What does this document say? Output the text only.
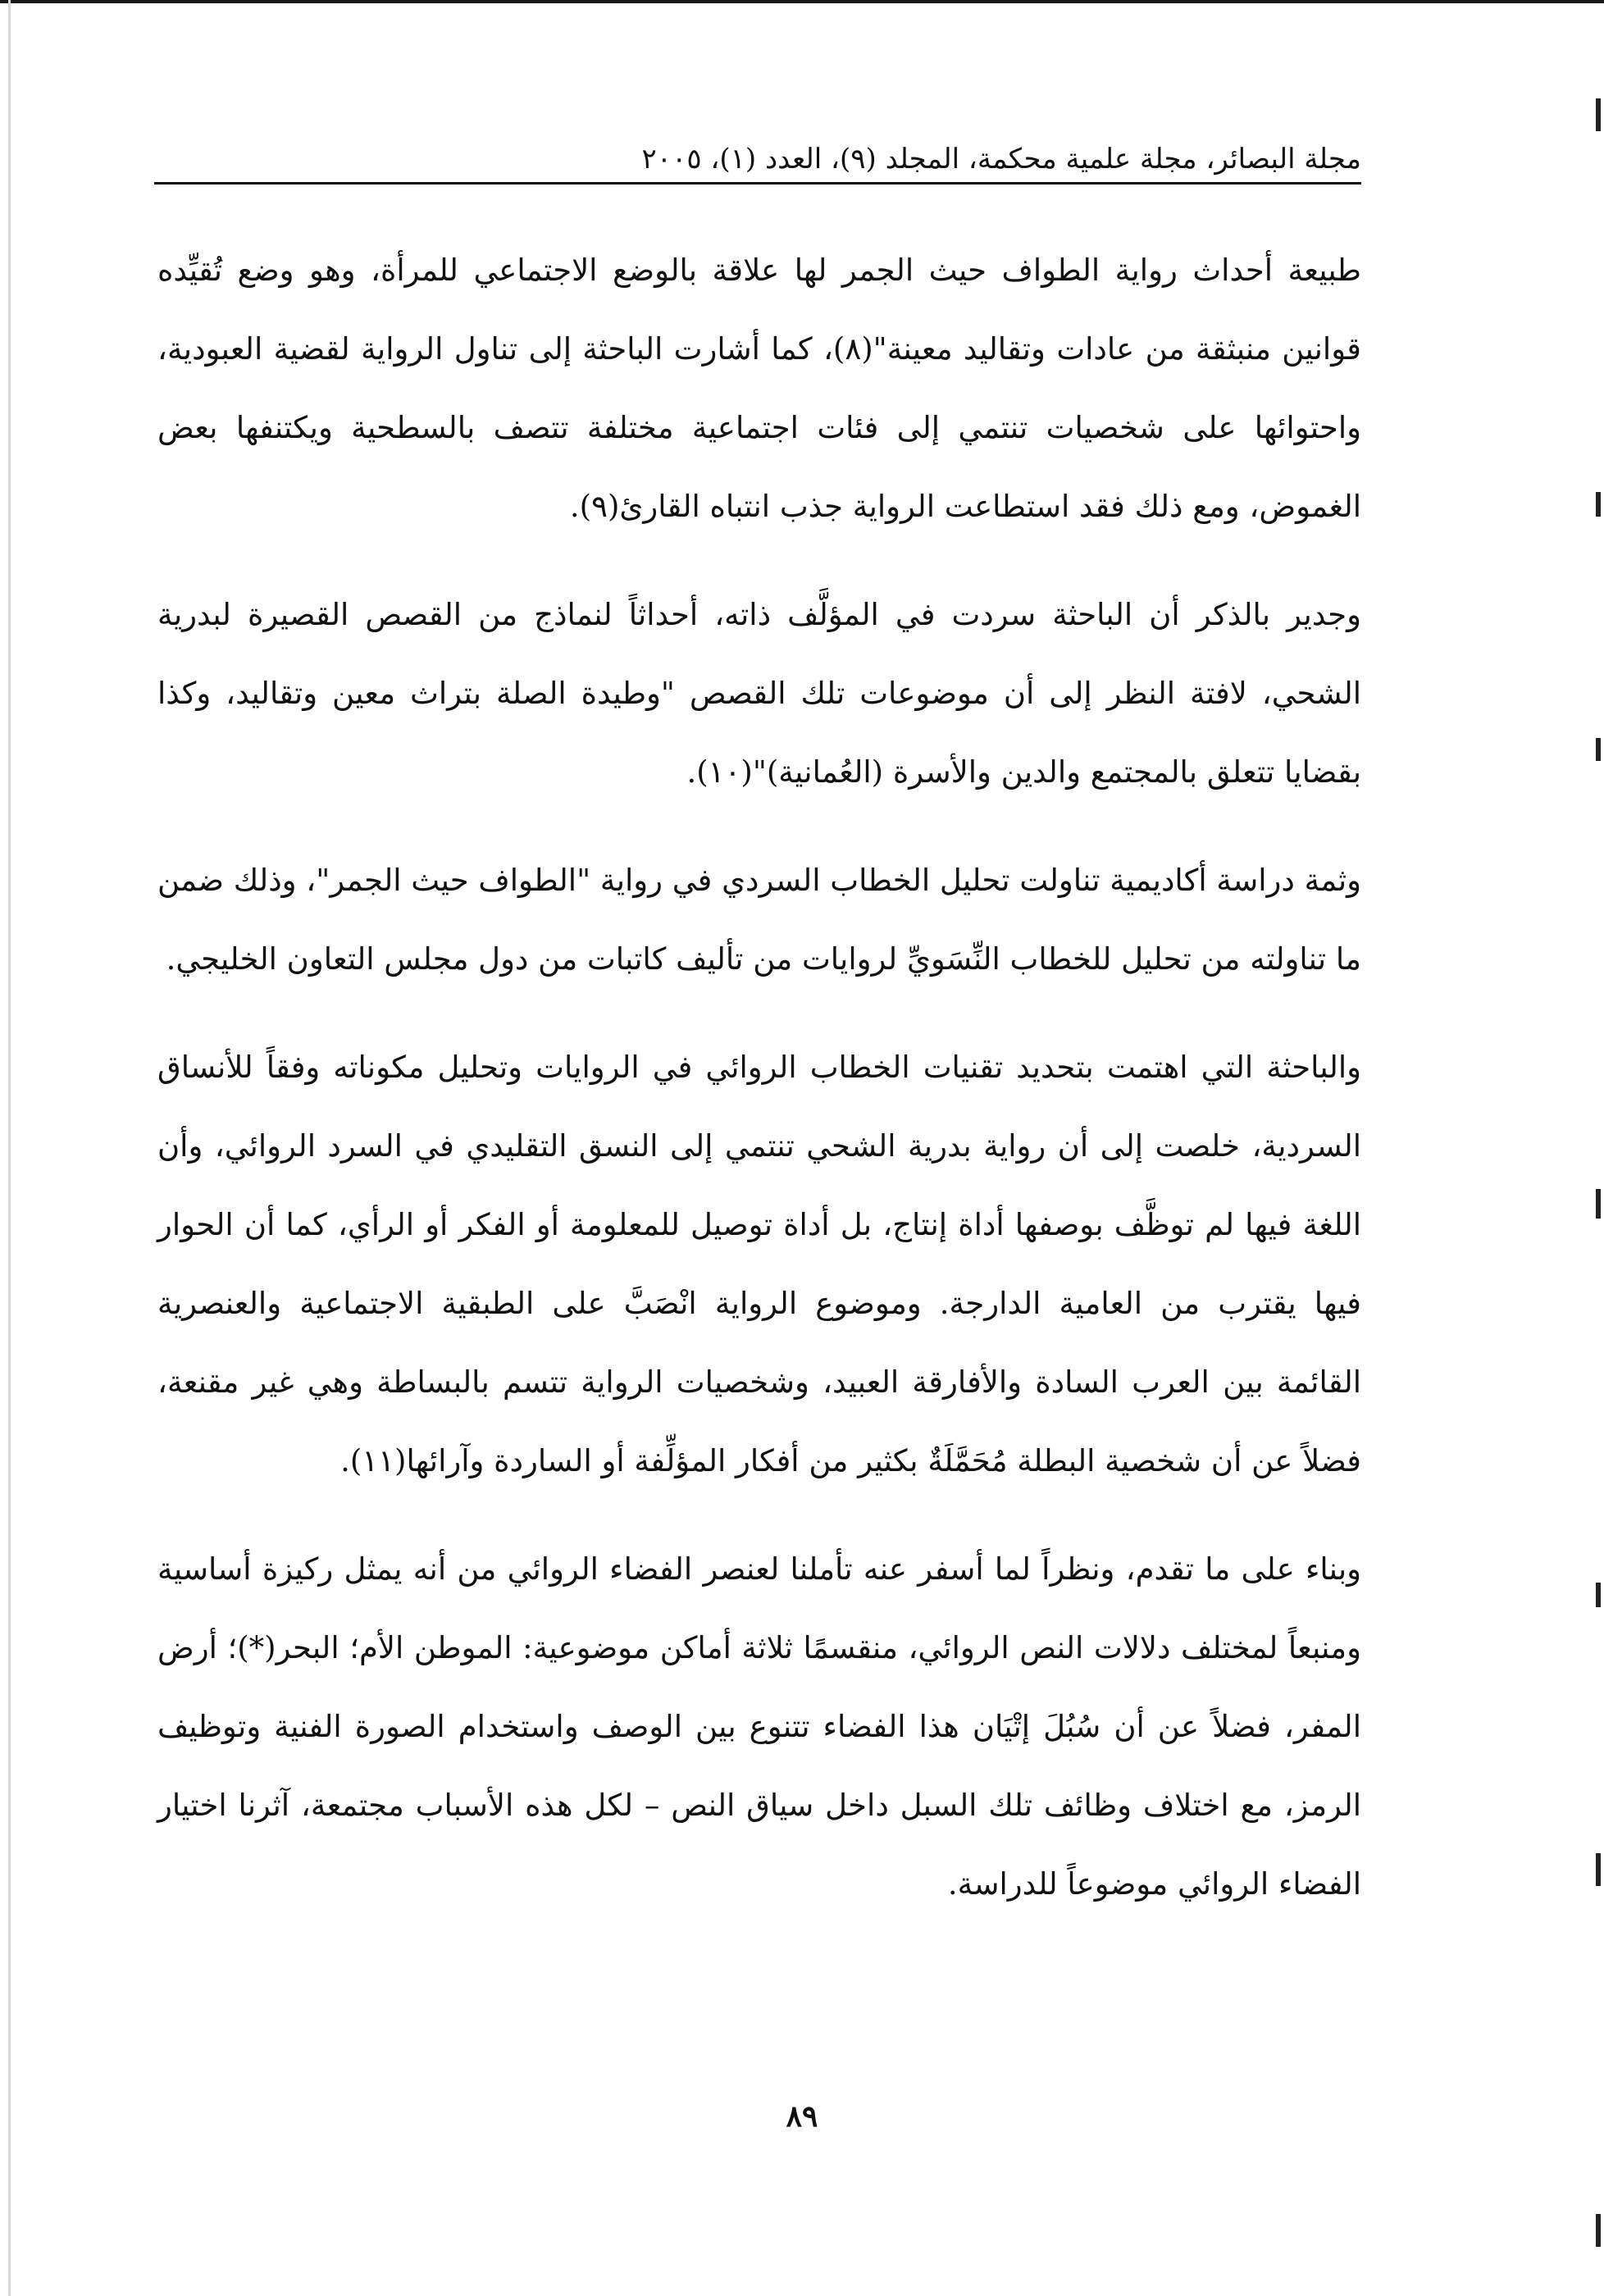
مجلة البصائر، مجلة علمية محكمة، المجلد (٩)، العدد (١)، ٢٠٠٥

طبيعة أحداث رواية الطواف حيث الجمر لها علاقة بالوضع الاجتماعي للمرأة، وهو وضع تُقيِّده قوانين منبثقة من عادات وتقاليد معينة"(٨)، كما أشارت الباحثة إلى تناول الرواية لقضية العبودية، واحتوائها على شخصيات تنتمي إلى فئات اجتماعية مختلفة تتصف بالسطحية ويكتنفها بعض الغموض، ومع ذلك فقد استطاعت الرواية جذب انتباه القارئ(٩).

وجدير بالذكر أن الباحثة سردت في المؤلَّف ذاته، أحداثاً لنماذج من القصص القصيرة لبدرية الشحي، لافتة النظر إلى أن موضوعات تلك القصص "وطيدة الصلة بتراث معين وتقاليد، وكذا بقضايا تتعلق بالمجتمع والدين والأسرة (العُمانية)"(١٠).

وثمة دراسة أكاديمية تناولت تحليل الخطاب السردي في رواية "الطواف حيث الجمر"، وذلك ضمن ما تناولته من تحليل للخطاب النِّسَويِّ لروايات من تأليف كاتبات من دول مجلس التعاون الخليجي.

والباحثة التي اهتمت بتحديد تقنيات الخطاب الروائي في الروايات وتحليل مكوناته وفقاً للأنساق السردية، خلصت إلى أن رواية بدرية الشحي تنتمي إلى النسق التقليدي في السرد الروائي، وأن اللغة فيها لم توظَّف بوصفها أداة إنتاج، بل أداة توصيل للمعلومة أو الفكر أو الرأي، كما أن الحوار فيها يقترب من العامية الدارجة. وموضوع الرواية انْصَبَّ على الطبقية الاجتماعية والعنصرية القائمة بين العرب السادة والأفارقة العبيد، وشخصيات الرواية تتسم بالبساطة وهي غير مقنعة، فضلاً عن أن شخصية البطلة مُحَمَّلَةٌ بكثير من أفكار المؤلِّفة أو الساردة وآرائها(١١).

وبناء على ما تقدم، ونظراً لما أسفر عنه تأملنا لعنصر الفضاء الروائي من أنه يمثل ركيزة أساسية ومنبعاً لمختلف دلالات النص الروائي، منقسمًا ثلاثة أماكن موضوعية: الموطن الأم؛ البحر(*)؛ أرض المفر، فضلاً عن أن سُبُلَ إتْيَان هذا الفضاء تتنوع بين الوصف واستخدام الصورة الفنية وتوظيف الرمز، مع اختلاف وظائف تلك السبل داخل سياق النص – لكل هذه الأسباب مجتمعة، آثرنا اختيار الفضاء الروائي موضوعاً للدراسة.

٨٩
